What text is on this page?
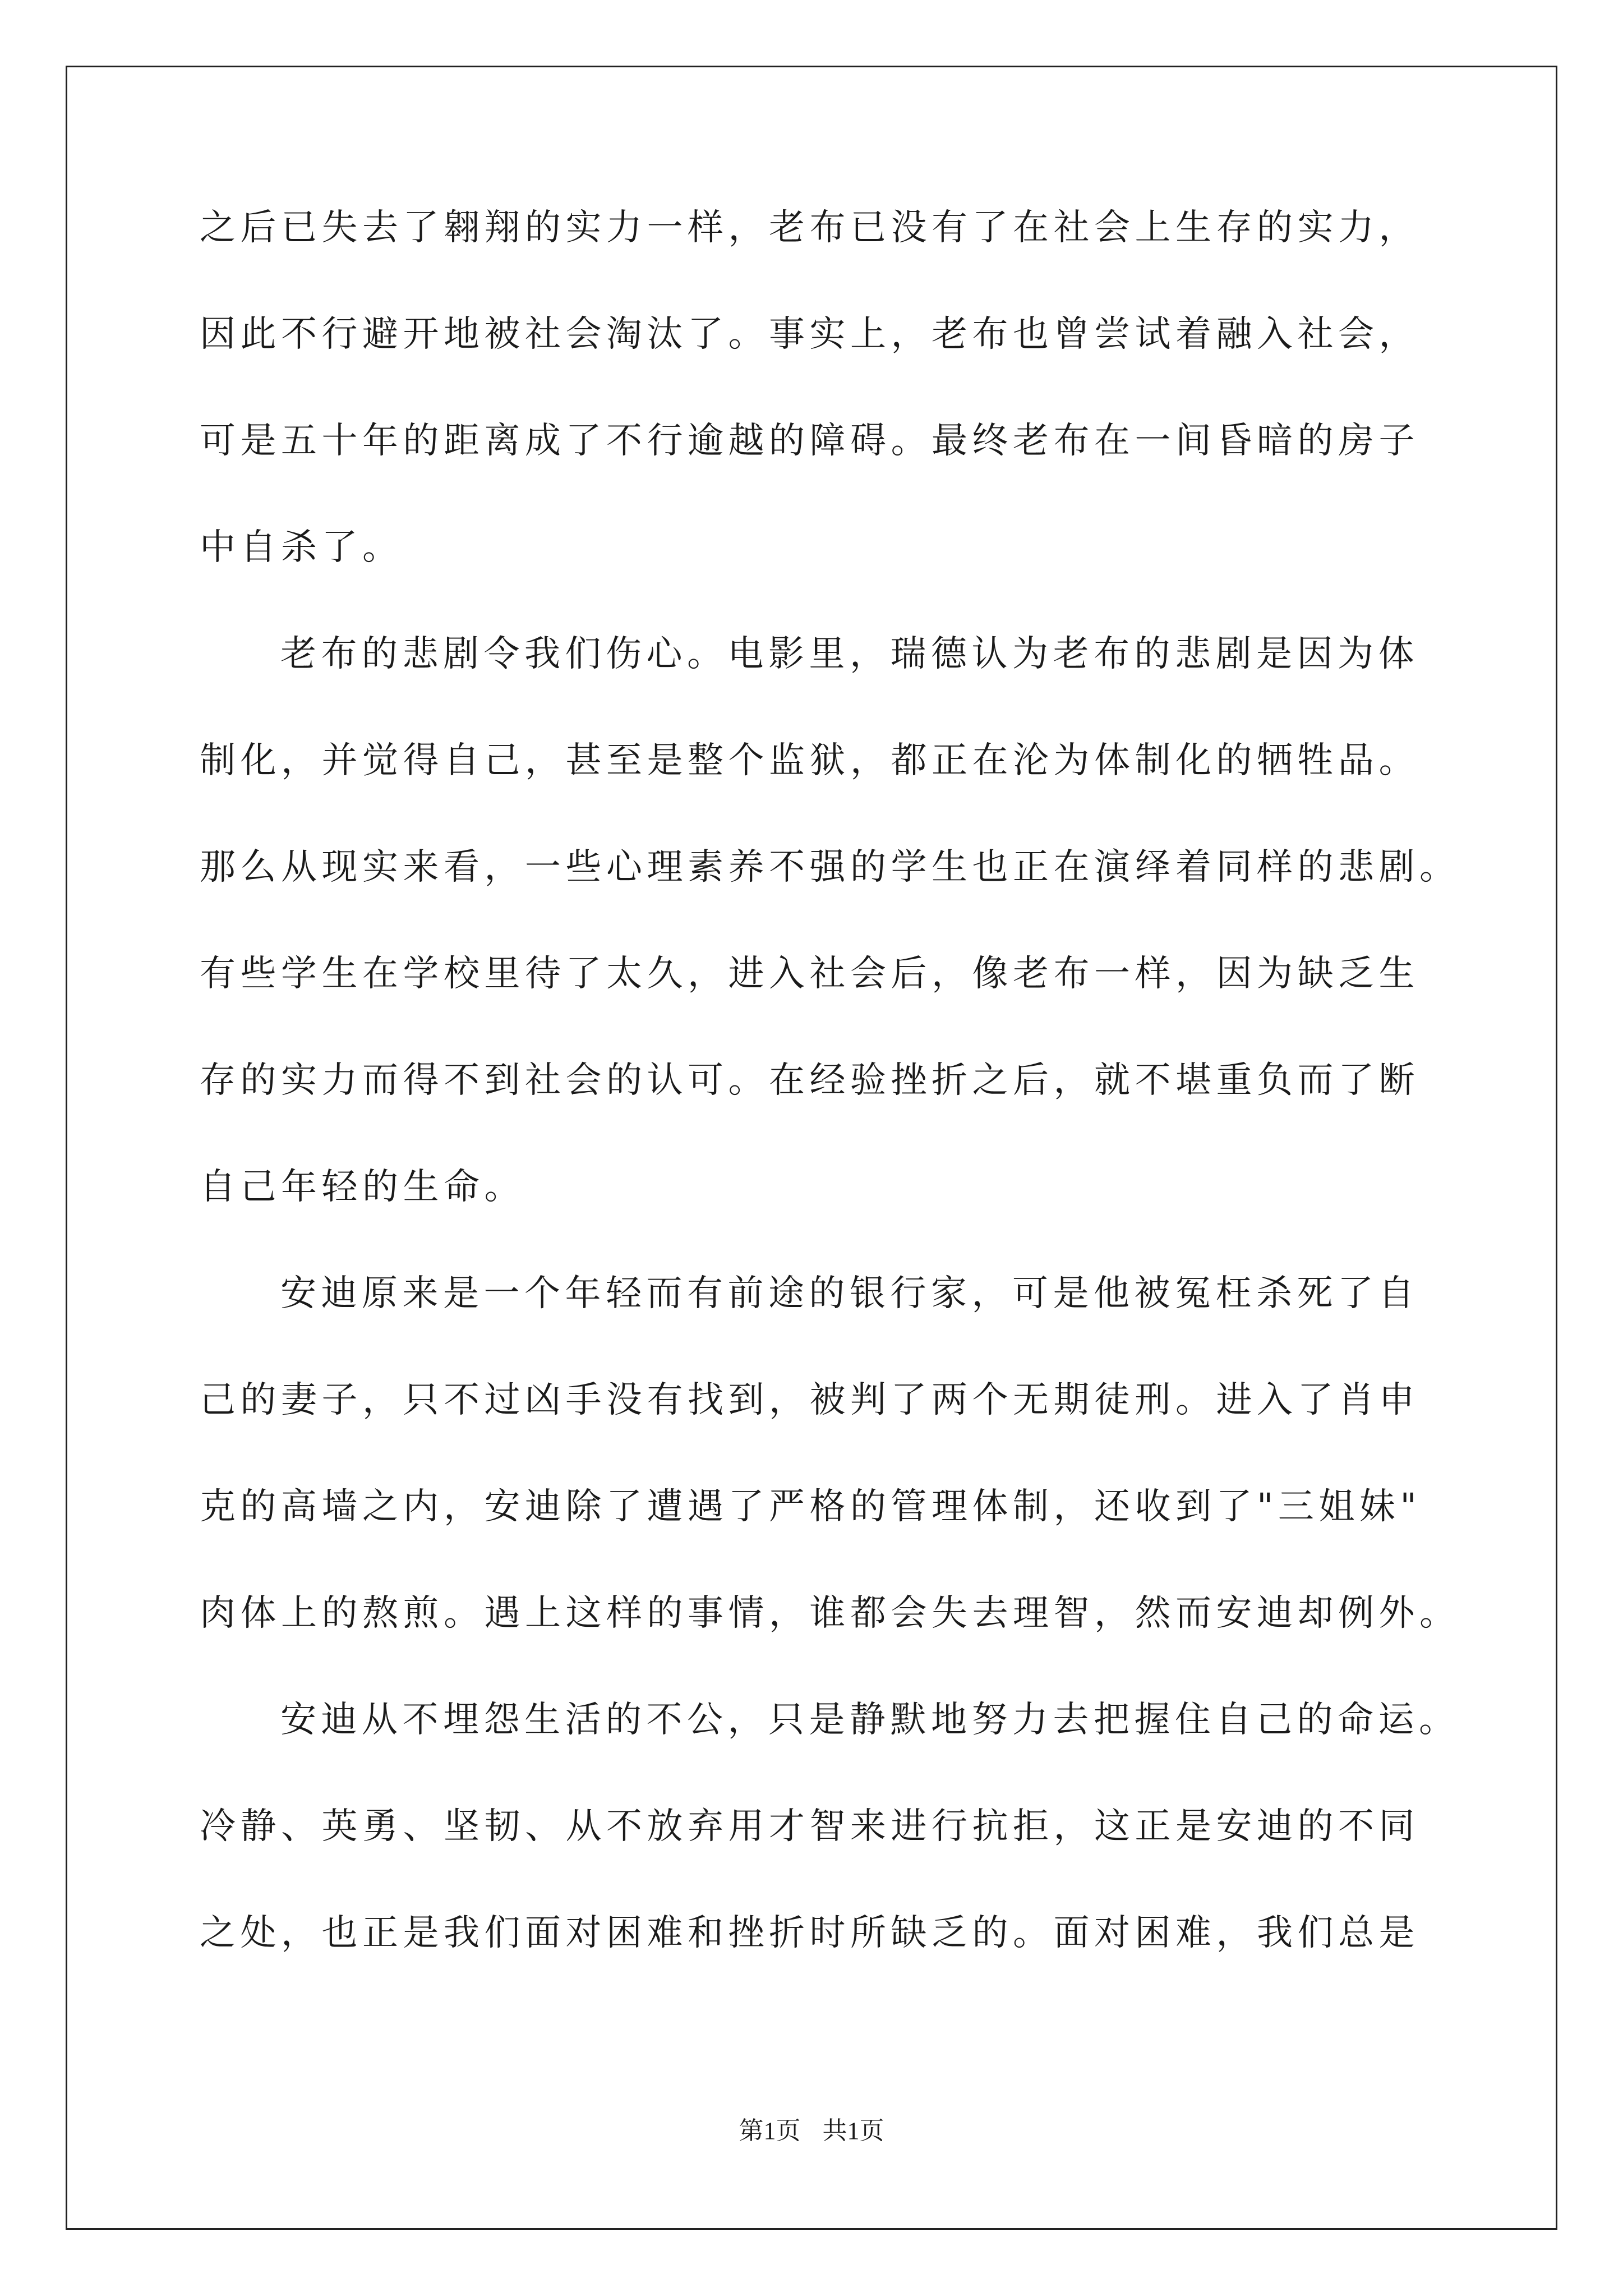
之后已失去了翱翔的实力一样，老布已没有了在社会上生存的实力，
因此不行避开地被社会淘汰了。事实上，老布也曾尝试着融入社会，
可是五十年的距离成了不行逾越的障碍。最终老布在一间昏暗的房子
中自杀了。
老布的悲剧令我们伤心。电影里，瑞德认为老布的悲剧是因为体
制化，并觉得自己，甚至是整个监狱，都正在沦为体制化的牺牲品。
那么从现实来看，一些心理素养不强的学生也正在演绎着同样的悲剧。
有些学生在学校里待了太久，进入社会后，像老布一样，因为缺乏生
存的实力而得不到社会的认可。在经验挫折之后，就不堪重负而了断
自己年轻的生命。
安迪原来是一个年轻而有前途的银行家，可是他被冤枉杀死了自
己的妻子，只不过凶手没有找到，被判了两个无期徒刑。进入了肖申
克的高墙之内，安迪除了遭遇了严格的管理体制，还收到了"三姐妹"
肉体上的熬煎。遇上这样的事情，谁都会失去理智，然而安迪却例外。
安迪从不埋怨生活的不公，只是静默地努力去把握住自己的命运。
冷静、英勇、坚韧、从不放弃用才智来进行抗拒，这正是安迪的不同
之处，也正是我们面对困难和挫折时所缺乏的。面对困难，我们总是
第1页 共1页
